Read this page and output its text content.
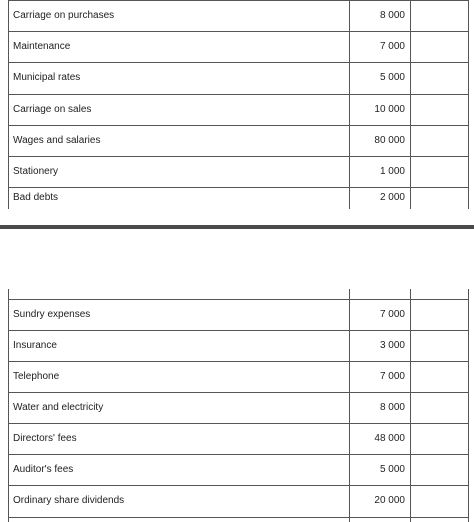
Carriage on purchases	8 000
Maintenance	7 000
Municipal rates	5 000
Carriage on sales	10 000
Wages and salaries	80 000
Stationery	1 000
Bad debts	2 000
Sundry expenses	7 000
Insurance	3 000
Telephone	7 000
Water and electricity	8 000
Directors' fees	48 000
Auditor's fees	5 000
Ordinary share dividends	20 000
